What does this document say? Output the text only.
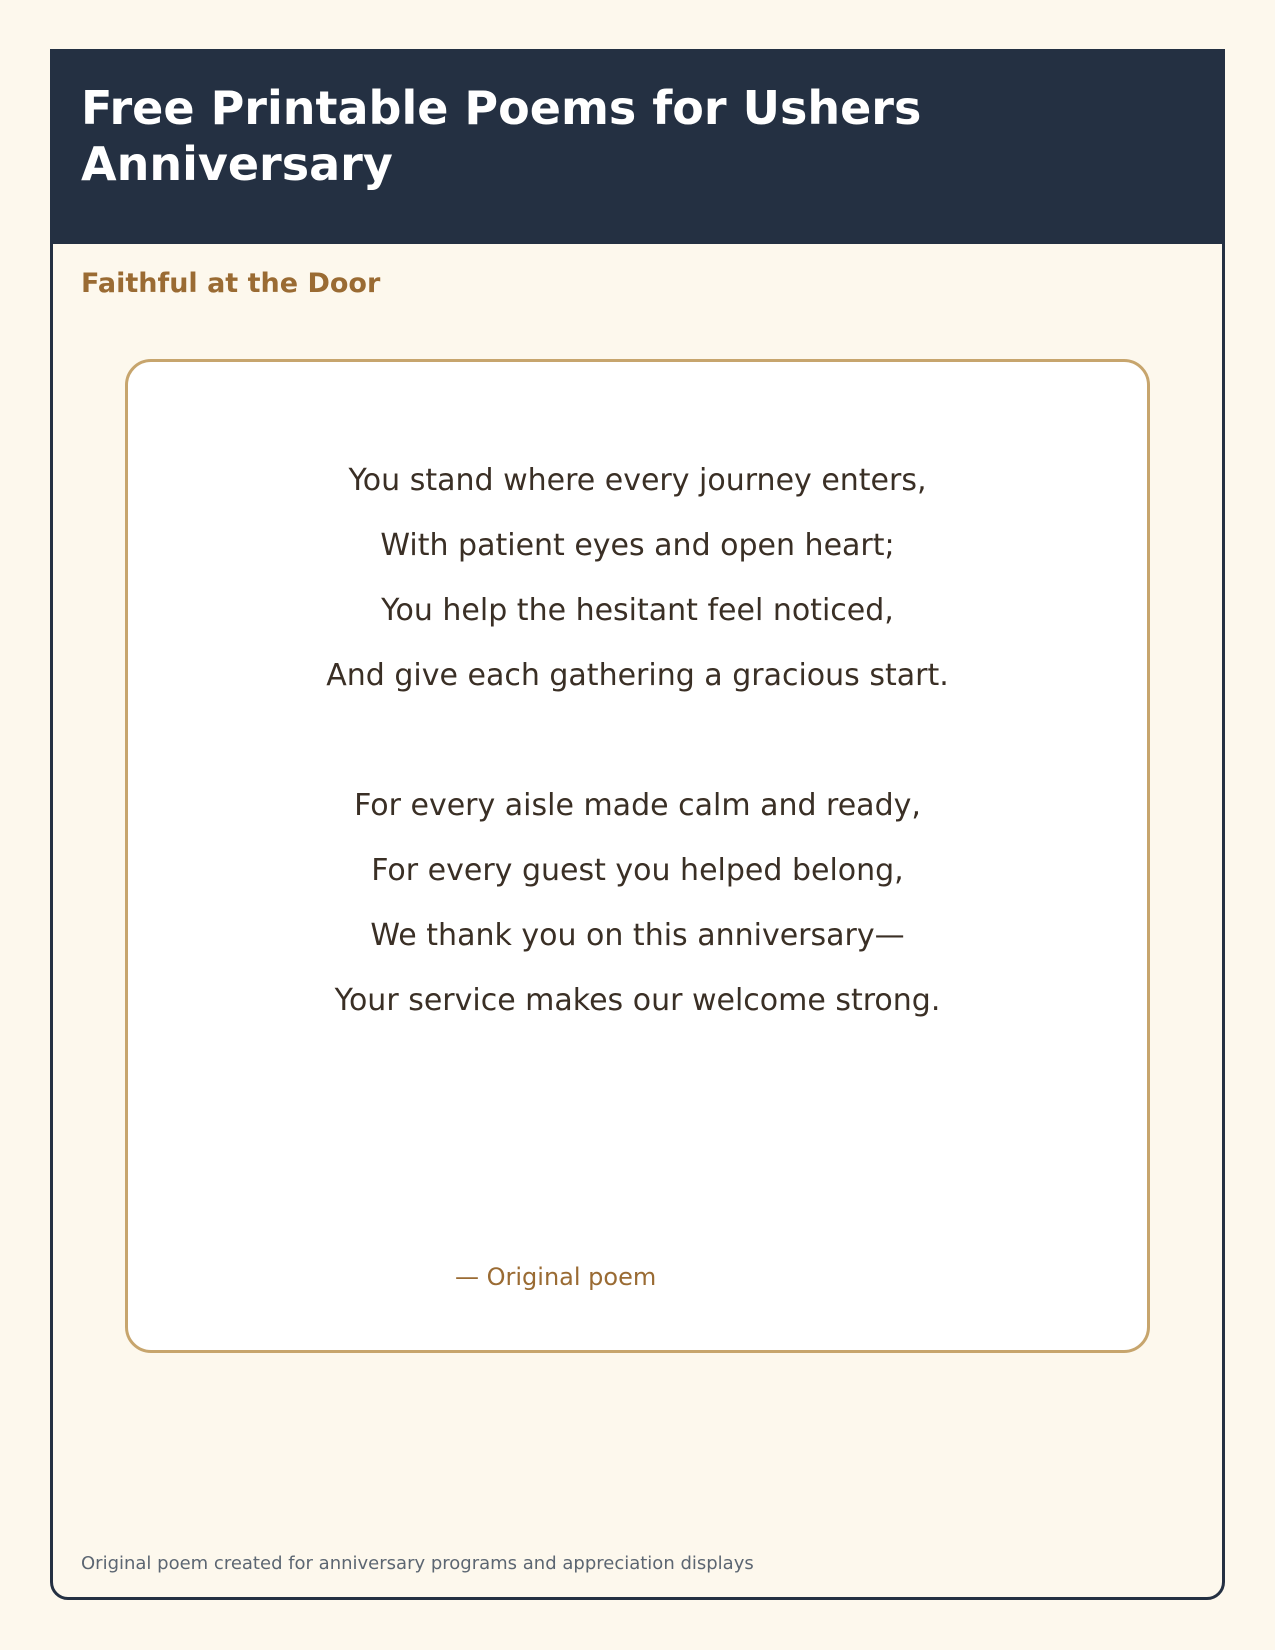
Free Printable Poems for Ushers Anniversary
Faithful at the Door
You stand where every journey enters,
With patient eyes and open heart;
You help the hesitant feel noticed,
And give each gathering a gracious start.
For every aisle made calm and ready,
For every guest you helped belong,
We thank you on this anniversary—
Your service makes our welcome strong.
— Original poem
Original poem created for anniversary programs and appreciation displays
